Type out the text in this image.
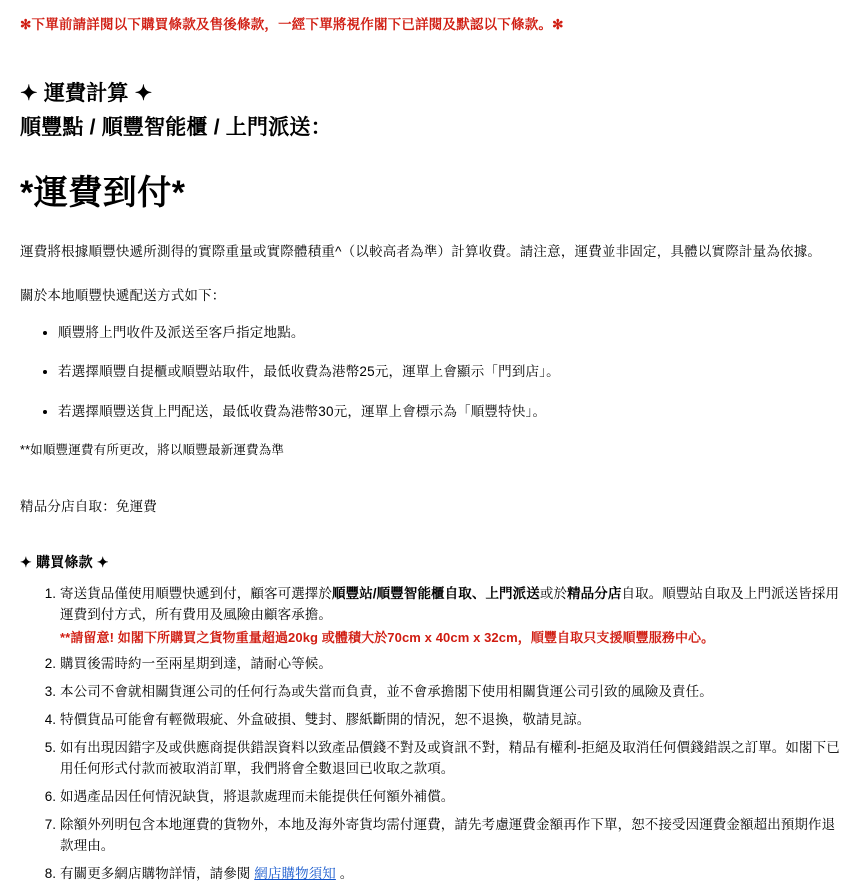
✻下單前請詳閱以下購買條款及售後條款，一經下單將視作閣下已詳閱及默認以下條款。✻

✦ 運費計算 ✦
順豐點 / 順豐智能櫃 / 上門派送：
*運費到付*

運費將根據順豐快遞所測得的實際重量或實際體積重^（以較高者為準）計算收費。請注意，運費並非固定，具體以實際計量為依據。

關於本地順豐快遞配送方式如下：

• 順豐將上門收件及派送至客戶指定地點。
• 若選擇順豐自提櫃或順豐站取件，最低收費為港幣25元，運單上會顯示「門到店」。
• 若選擇順豐送貨上門配送，最低收費為港幣30元，運單上會標示為「順豐特快」。

**如順豐運費有所更改，將以順豐最新運費為準

精品分店自取：免運費

✦ 購買條款 ✦
1. 寄送貨品僅使用順豐快遞到付，顧客可選擇於順豐站/順豐智能櫃自取、上門派送或於精品分店自取。順豐站自取及上門派送皆採用運費到付方式，所有費用及風險由顧客承擔。
**請留意! 如閣下所購買之貨物重量超過20kg 或體積大於70cm x 40cm x 32cm，順豐自取只支援順豐服務中心。
2. 購買後需時約一至兩星期到達，請耐心等候。
3. 本公司不會就相關貨運公司的任何行為或失當而負責，並不會承擔閣下使用相關貨運公司引致的風險及責任。
4. 特價貨品可能會有輕微瑕疵、外盒破損、雙封、膠紙斷開的情況，恕不退換，敬請見諒。
5. 如有出現因錯字及或供應商提供錯誤資料以致產品價錢不對及或資訊不對，精品有權利-拒絕及取消任何價錢錯誤之訂單。如閣下已用任何形式付款而被取消訂單，我們將會全數退回已收取之款項。
6. 如遇產品因任何情況缺貨，將退款處理而未能提供任何額外補償。
7. 除額外列明包含本地運費的貨物外，本地及海外寄貨均需付運費，請先考慮運費金額再作下單，恕不接受因運費金額超出預期作退款理由。
8. 有關更多網店購物詳情，請參閱 網店購物須知 。
